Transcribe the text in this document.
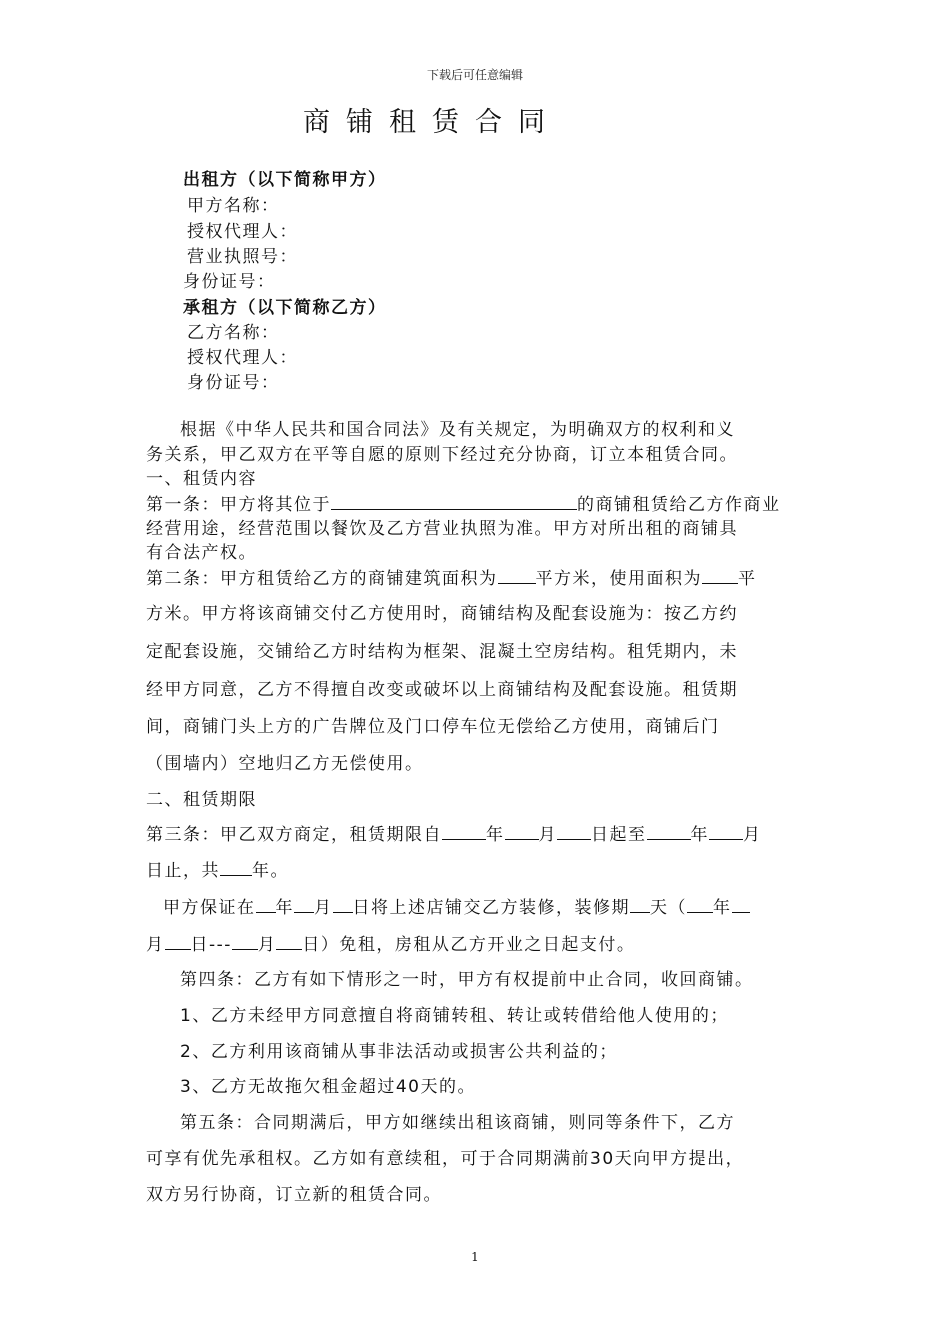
下载后可任意编辑
商铺租赁合同
出租方（以下简称甲方）
甲方名称：
授权代理人：
营业执照号：
身份证号：
承租方（以下简称乙方）
乙方名称：
授权代理人：
身份证号：
根据《中华人民共和国合同法》及有关规定，为明确双方的权利和义
务关系，甲乙双方在平等自愿的原则下经过充分协商，订立本租赁合同。
一、租赁内容
第一条：甲方将其位于	的商铺租赁给乙方作商业
经营用途，经营范围以餐饮及乙方营业执照为准。甲方对所出租的商铺具
有合法产权。
第二条：甲方租赁给乙方的商铺建筑面积为 平方米，使用面积为 平
方米。甲方将该商铺交付乙方使用时，商铺结构及配套设施为：按乙方约
定配套设施，交铺给乙方时结构为框架、混凝土空房结构。租凭期内，未
经甲方同意，乙方不得擅自改变或破坏以上商铺结构及配套设施。租赁期
间，商铺门头上方的广告牌位及门口停车位无偿给乙方使用，商铺后门
（围墙内）空地归乙方无偿使用。
二、租赁期限
第三条：甲乙双方商定，租赁期限自	年 月 日起至	年 月
日止，共 年。
甲方保证在 年 月 日将上述店铺交乙方装修，装修期 天（ 年
月 日--- 月 日）免租，房租从乙方开业之日起支付。
第四条：乙方有如下情形之一时，甲方有权提前中止合同，收回商铺。
1、乙方未经甲方同意擅自将商铺转租、转让或转借给他人使用的；
2、乙方利用该商铺从事非法活动或损害公共利益的；
3、乙方无故拖欠租金超过40天的。
第五条：合同期满后，甲方如继续出租该商铺，则同等条件下，乙方
可享有优先承租权。乙方如有意续租，可于合同期满前30天向甲方提出，
双方另行协商，订立新的租赁合同。
1
